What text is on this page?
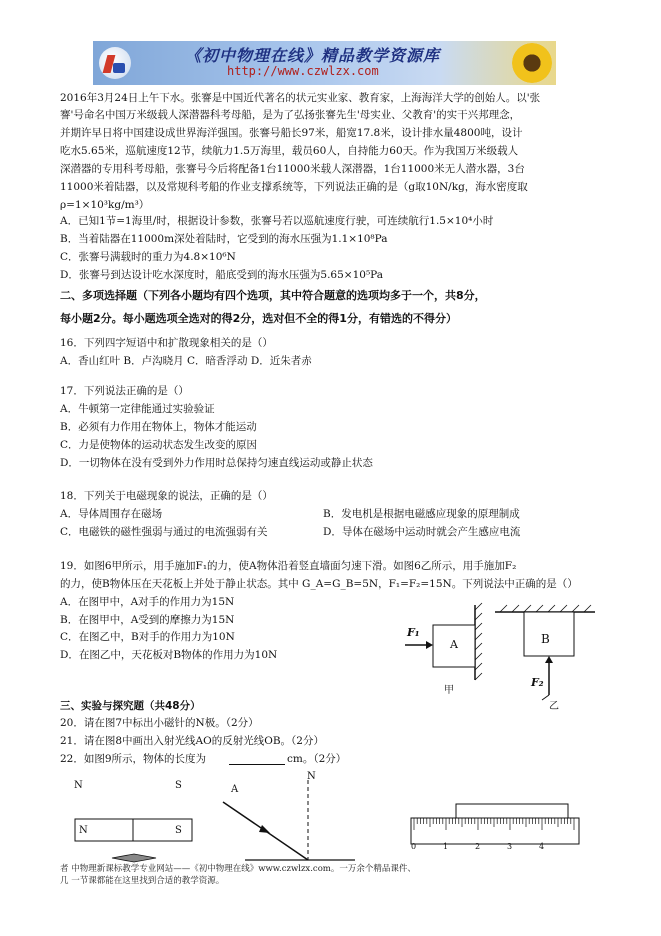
《初中物理在线》精品教学资源库
http://www.czwlzx.com
2016年3月24日上午下水。张謇是中国近代著名的状元实业家、教育家，上海海洋大学的创始人。以'张
謇'号命名中国万米级载人深潜器科考母船，是为了弘扬张謇先生'母实业、父教育'的实干兴邦理念，
并期许早日将中国建设成世界海洋强国。张謇号船长97米，船宽17.8米，设计排水量4800吨，设计
吃水5.65米，巡航速度12节，续航力1.5万海里，载员60人，自持能力60天。作为我国万米级载人
深潜器的专用科考母船，张謇号今后将配备1台11000米载人深潜器，1台11000米无人潜水器，3台
11000米着陆器，以及常规科考船的作业支撑系统等，下列说法正确的是（g取10N/kg，海水密度取
ρ=1×10³kg/m³）
A．已知1节=1海里/时，根据设计参数，张謇号若以巡航速度行驶，可连续航行1.5×10⁴小时
B．当着陆器在11000m深处着陆时，它受到的海水压强为1.1×10⁸Pa
C．张謇号满载时的重力为4.8×10⁶N
D．张謇号到达设计吃水深度时，船底受到的海水压强为5.65×10⁵Pa
二、多项选择题（下列各小题均有四个选项，其中符合题意的选项均多于一个，共8分，
每小题2分。每小题选项全选对的得2分，选对但不全的得1分，有错选的不得分）
16．下列四字短语中和扩散现象相关的是（）
A．香山红叶 B．卢沟晓月 C．暗香浮动 D．近朱者赤
17．下列说法正确的是（）
A．牛顿第一定律能通过实验验证
B．必须有力作用在物体上，物体才能运动
C．力是使物体的运动状态发生改变的原因
D．一切物体在没有受到外力作用时总保持匀速直线运动或静止状态
18．下列关于电磁现象的说法，正确的是（）
A．导体周围存在磁场	B．发电机是根据电磁感应现象的原理制成
C．电磁铁的磁性强弱与通过的电流强弱有关	D．导体在磁场中运动时就会产生感应电流
19．如图6甲所示，用手施加F₁的力，使A物体沿着竖直墙面匀速下滑。如图6乙所示，用手施加F₂
的力，使B物体压在天花板上并处于静止状态。其中 G_A=G_B=5N，F₁=F₂=15N。下列说法中正确的是（）
A．在图甲中，A对手的作用力为15N
B．在图甲中，A受到的摩擦力为15N
C．在图乙中，B对手的作用力为10N
D．在图乙中，天花板对B物体的作用力为10N
F₁
A	B
F₂
甲
乙
三、实验与探究题（共48分）
20．请在图7中标出小磁针的N极。（2分）
21．请在图8中画出入射光线AO的反射光线OB。（2分）
22．如图9所示，物体的长度为	cm。（2分）
N	S
N	S
N
A
0	1	2	3	4
者 中物理新课标教学专业网站——《初中物理在线》www.czwlzx.com。一万余个精品课件、
几 一节课都能在这里找到合适的教学资源。
